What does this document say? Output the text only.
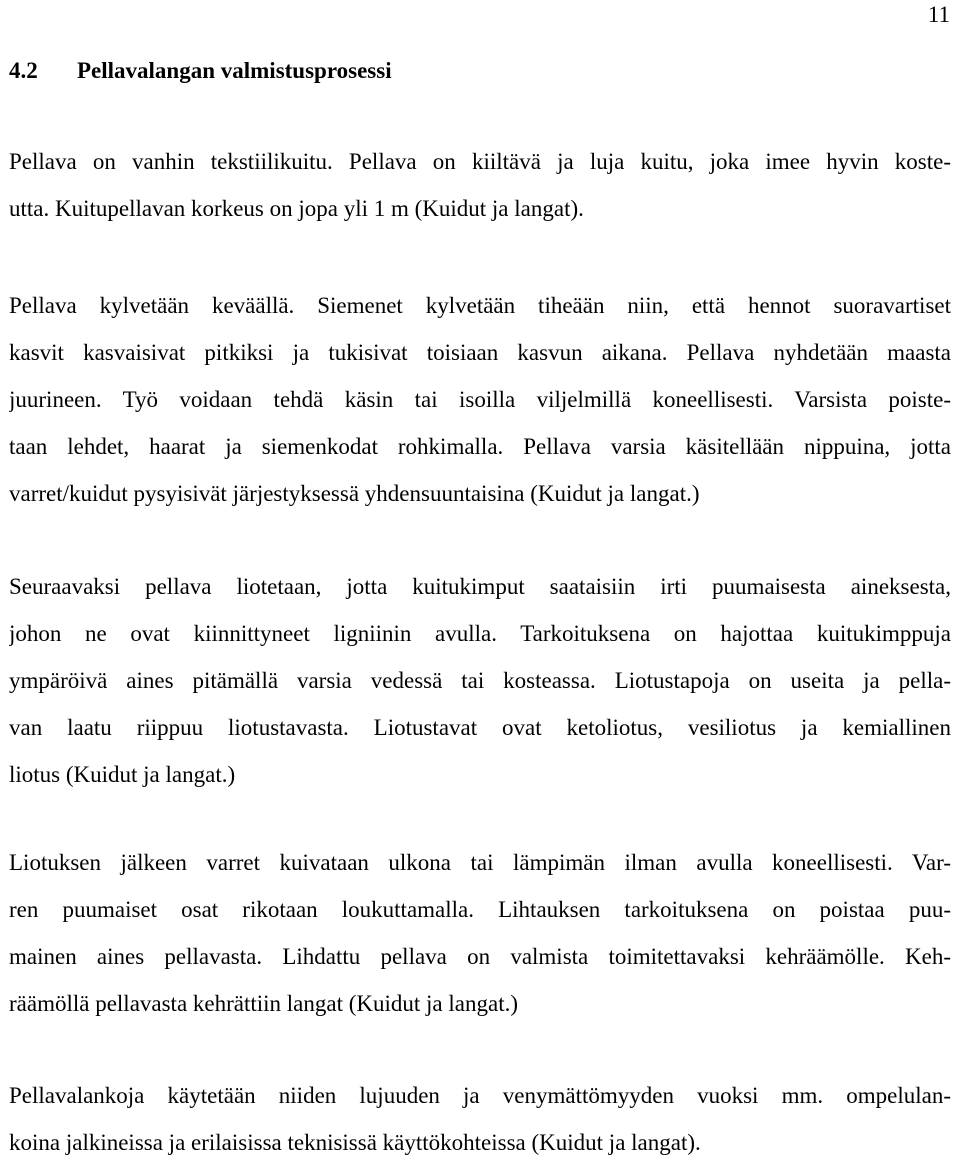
11
4.2 Pellavalangan valmistusprosessi
Pellava on vanhin tekstiilikuitu. Pellava on kiiltävä ja luja kuitu, joka imee hyvin koste-
utta. Kuitupellavan korkeus on jopa yli 1 m (Kuidut ja langat).
Pellava kylvetään keväällä. Siemenet kylvetään tiheään niin, että hennot suoravartiset
kasvit kasvaisivat pitkiksi ja tukisivat toisiaan kasvun aikana. Pellava nyhdetään maasta
juurineen. Työ voidaan tehdä käsin tai isoilla viljelmillä koneellisesti. Varsista poiste-
taan lehdet, haarat ja siemenkodat rohkimalla. Pellava varsia käsitellään nippuina, jotta
varret/kuidut pysyisivät järjestyksessä yhdensuuntaisina (Kuidut ja langat.)
Seuraavaksi pellava liotetaan, jotta kuitukimput saataisiin irti puumaisesta aineksesta,
johon ne ovat kiinnittyneet ligniinin avulla. Tarkoituksena on hajottaa kuitukimppuja
ympäröivä aines pitämällä varsia vedessä tai kosteassa. Liotustapoja on useita ja pella-
van laatu riippuu liotustavasta. Liotustavat ovat ketoliotus, vesiliotus ja kemiallinen
liotus (Kuidut ja langat.)
Liotuksen jälkeen varret kuivataan ulkona tai lämpimän ilman avulla koneellisesti. Var-
ren puumaiset osat rikotaan loukuttamalla. Lihtauksen tarkoituksena on poistaa puu-
mainen aines pellavasta. Lihdattu pellava on valmista toimitettavaksi kehräämölle. Keh-
räämöllä pellavasta kehrättiin langat (Kuidut ja langat.)
Pellavalankoja käytetään niiden lujuuden ja venymättömyyden vuoksi mm. ompelulan-
koina jalkineissa ja erilaisissa teknisissä käyttökohteissa (Kuidut ja langat).
